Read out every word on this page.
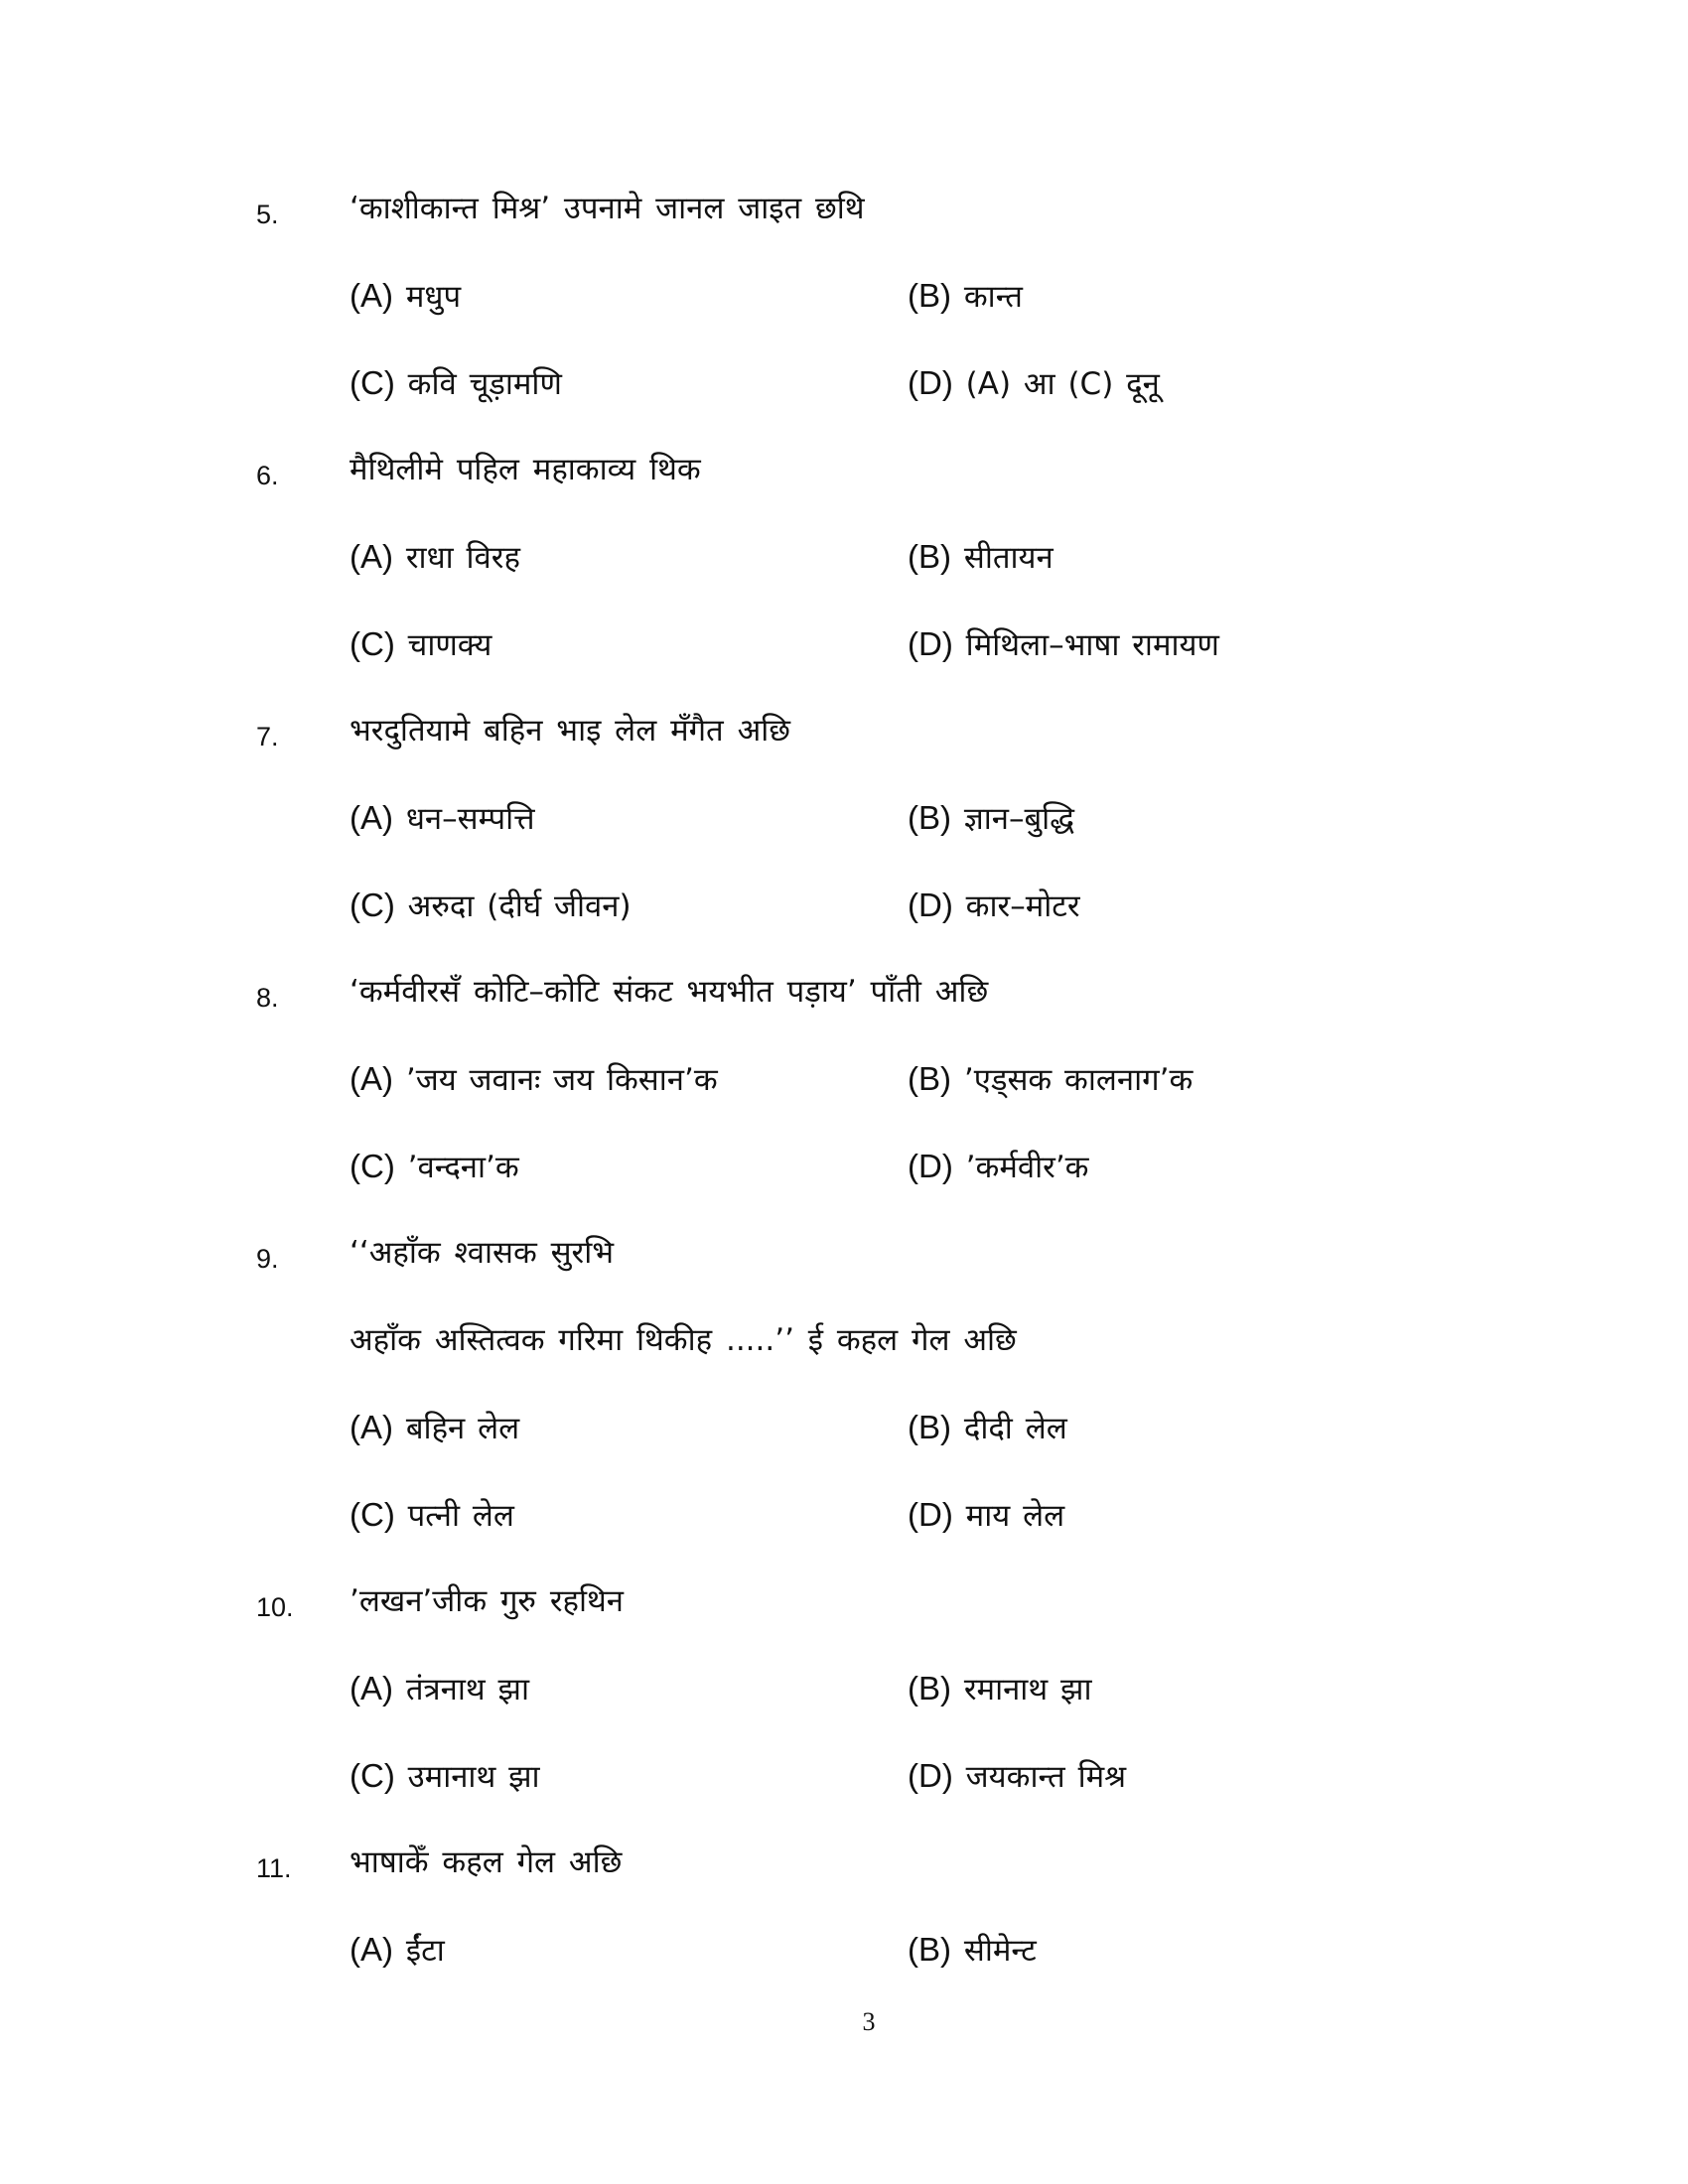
5. ‘काशीकान्त मिश्र’ उपनामे जानल जाइत छथि
(A) मधुप	(B) कान्त
(C) कवि चूड़ामणि	(D) (A) आ (C) दूनू
6. मैथिलीमे पहिल महाकाव्य थिक
(A) राधा विरह	(B) सीतायन
(C) चाणक्य	(D) मिथिला–भाषा रामायण
7. भरदुतियामे बहिन भाइ लेल मँगैत अछि
(A) धन–सम्पत्ति	(B) ज्ञान–बुद्धि
(C) अरुदा (दीर्घ जीवन)	(D) कार–मोटर
8. ‘कर्मवीरसँ कोटि–कोटि संकट भयभीत पड़ाय’ पाँती अछि
(A) ’जय जवानः जय किसान’क	(B) ’एड्सक कालनाग’क
(C) ’वन्दना’क	(D) ’कर्मवीर’क
9. ‘‘अहाँक श्वासक सुरभि
अहाँक अस्तित्वक गरिमा थिकीह .....’’ ई कहल गेल अछि
(A) बहिन लेल	(B) दीदी लेल
(C) पत्नी लेल	(D) माय लेल
10. ’लखन’जीक गुरु रहथिन
(A) तंत्रनाथ झा	(B) रमानाथ झा
(C) उमानाथ झा	(D) जयकान्त मिश्र
11. भाषाकेँ कहल गेल अछि
(A) ईंटा	(B) सीमेन्ट
3
